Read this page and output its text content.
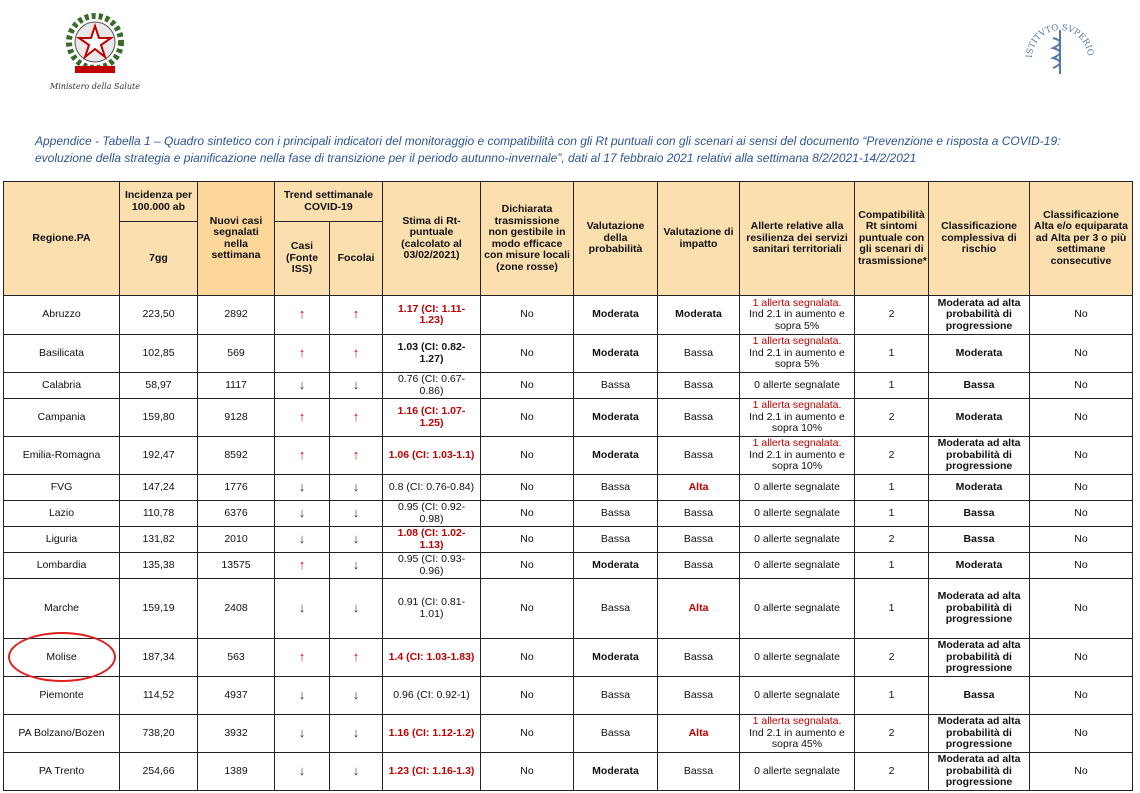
Ministero della Salute
ISTITVTO SVPERIO
Appendice - Tabella 1 – Quadro sintetico con i principali indicatori del monitoraggio e compatibilità con gli Rt puntuali con gli scenari ai sensi del documento “Prevenzione e risposta a COVID-19: evoluzione della strategia e pianificazione nella fase di transizione per il periodo autunno-invernale”, dati al 17 febbraio 2021 relativi alla settimana 8/2/2021-14/2/2021
Regione.PA	Incidenza per 100.000 ab	Nuovi casi segnalati nella settimana	Trend settimanale COVID-19		Stima di Rt-puntuale (calcolato al 03/02/2021)	Dichiarata trasmissione non gestibile in modo efficace con misure locali (zone rosse)	Valutazione della probabilità	Valutazione di impatto	Allerte relative alla resilienza dei servizi sanitari territoriali	Compatibilità Rt sintomi puntuale con gli scenari di trasmissione*	Classificazione complessiva di rischio	Classificazione Alta e/o equiparata ad Alta per 3 o più settimane consecutive
	7gg		Casi (Fonte ISS)	Focolai								
Abruzzo	223,50	2892	↑	↑	1.17 (CI: 1.11-1.23)	No	Moderata	Moderata	1 allerta segnalata.
Ind 2.1 in aumento e sopra 5%	2	Moderata ad alta probabilità di progressione	No
Basilicata	102,85	569	↑	↑	1.03 (CI: 0.82-1.27)	No	Moderata	Bassa	1 allerta segnalata.
Ind 2.1 in aumento e sopra 5%	1	Moderata	No
Calabria	58,97	1117	↓	↓	0.76 (CI: 0.67-0.86)	No	Bassa	Bassa	0 allerte segnalate	1	Bassa	No
Campania	159,80	9128	↑	↑	1.16 (CI: 1.07-1.25)	No	Moderata	Bassa	1 allerta segnalata.
Ind 2.1 in aumento e sopra 10%	2	Moderata	No
Emilia-Romagna	192,47	8592	↑	↑	1.06 (CI: 1.03-1.1)	No	Moderata	Bassa	1 allerta segnalata.
Ind 2.1 in aumento e sopra 10%	2	Moderata ad alta probabilità di progressione	No
FVG	147,24	1776	↓	↓	0.8 (CI: 0.76-0.84)	No	Bassa	Alta	0 allerte segnalate	1	Moderata	No
Lazio	110,78	6376	↓	↓	0.95 (CI: 0.92-0.98)	No	Bassa	Bassa	0 allerte segnalate	1	Bassa	No
Liguria	131,82	2010	↓	↓	1.08 (CI: 1.02-1.13)	No	Bassa	Bassa	0 allerte segnalate	2	Bassa	No
Lombardia	135,38	13575	↑	↓	0.95 (CI: 0.93-0.96)	No	Moderata	Bassa	0 allerte segnalate	1	Moderata	No
Marche	159,19	2408	↓	↓	0.91 (CI: 0.81-1.01)	No	Bassa	Alta	0 allerte segnalate	1	Moderata ad alta probabilità di progressione	No
Molise	187,34	563	↑	↑	1.4 (CI: 1.03-1.83)	No	Moderata	Bassa	0 allerte segnalate	2	Moderata ad alta probabilità di progressione	No
Piemonte	114,52	4937	↓	↓	0.96 (CI: 0.92-1)	No	Bassa	Bassa	0 allerte segnalate	1	Bassa	No
PA Bolzano/Bozen	738,20	3932	↓	↓	1.16 (CI: 1.12-1.2)	No	Bassa	Alta	1 allerta segnalata.
Ind 2.1 in aumento e sopra 45%	2	Moderata ad alta probabilità di progressione	No
PA Trento	254,66	1389	↓	↓	1.23 (CI: 1.16-1.3)	No	Moderata	Bassa	0 allerte segnalate	2	Moderata ad alta probabilità di progressione	No
